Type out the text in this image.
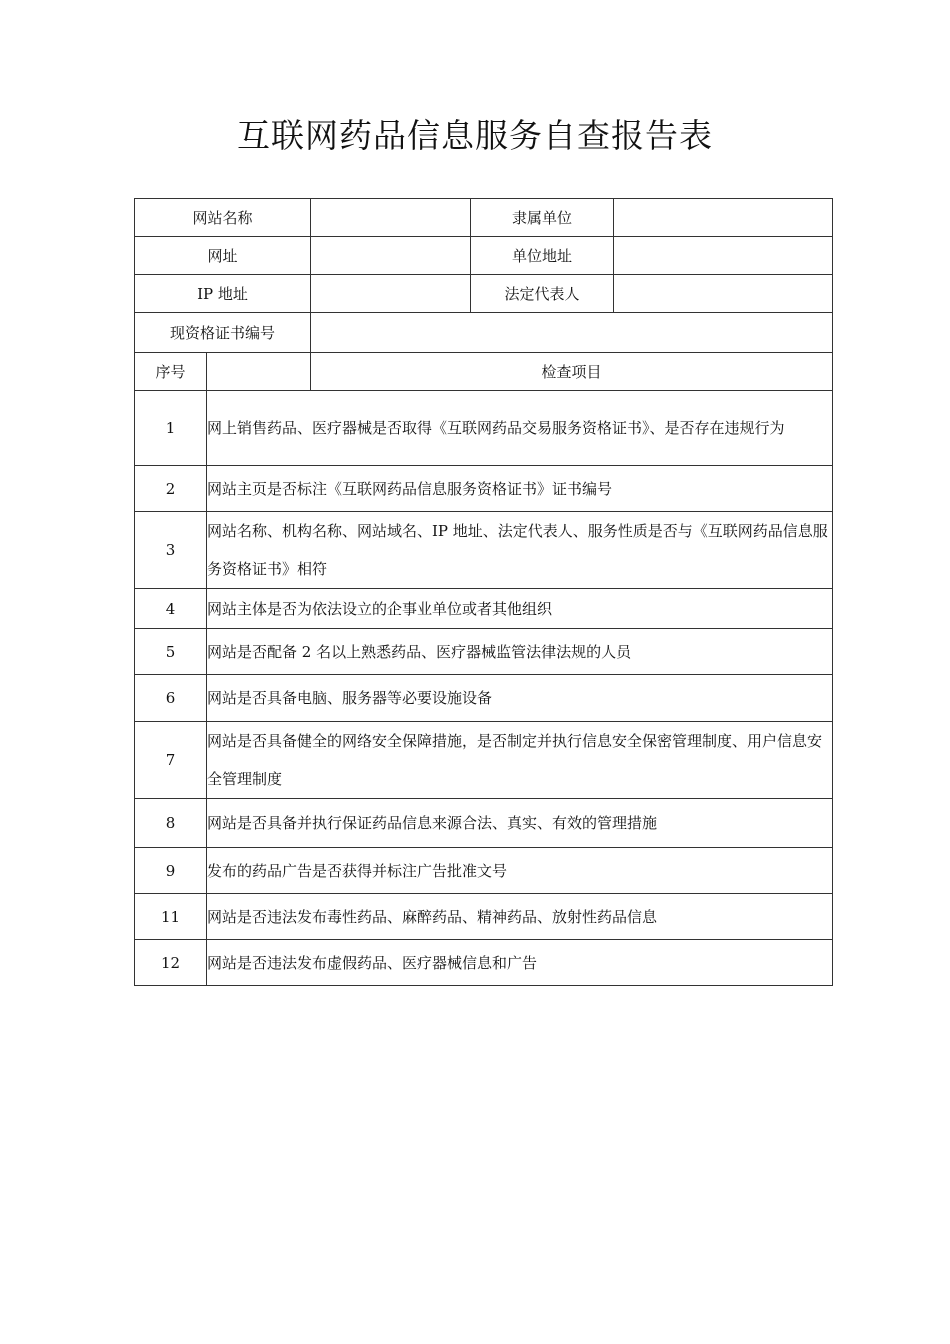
互联网药品信息服务自查报告表
网站名称			隶属单位	
网址			单位地址	
IP 地址			法定代表人	
现资格证书编号				
序号		检查项目		
1	网上销售药品、医疗器械是否取得《互联网药品交易服务资格证书》、是否存在违规行为			
2	网站主页是否标注《互联网药品信息服务资格证书》证书编号			
3	网站名称、机构名称、网站域名、IP 地址、法定代表人、服务性质是否与《互联网药品信息服务资格证书》相符			
4	网站主体是否为依法设立的企事业单位或者其他组织			
5	网站是否配备 2 名以上熟悉药品、医疗器械监管法律法规的人员			
6	网站是否具备电脑、服务器等必要设施设备			
7	网站是否具备健全的网络安全保障措施，是否制定并执行信息安全保密管理制度、用户信息安全管理制度			
8	网站是否具备并执行保证药品信息来源合法、真实、有效的管理措施			
9	发布的药品广告是否获得并标注广告批准文号			
11	网站是否违法发布毒性药品、麻醉药品、精神药品、放射性药品信息			
12	网站是否违法发布虚假药品、医疗器械信息和广告			
